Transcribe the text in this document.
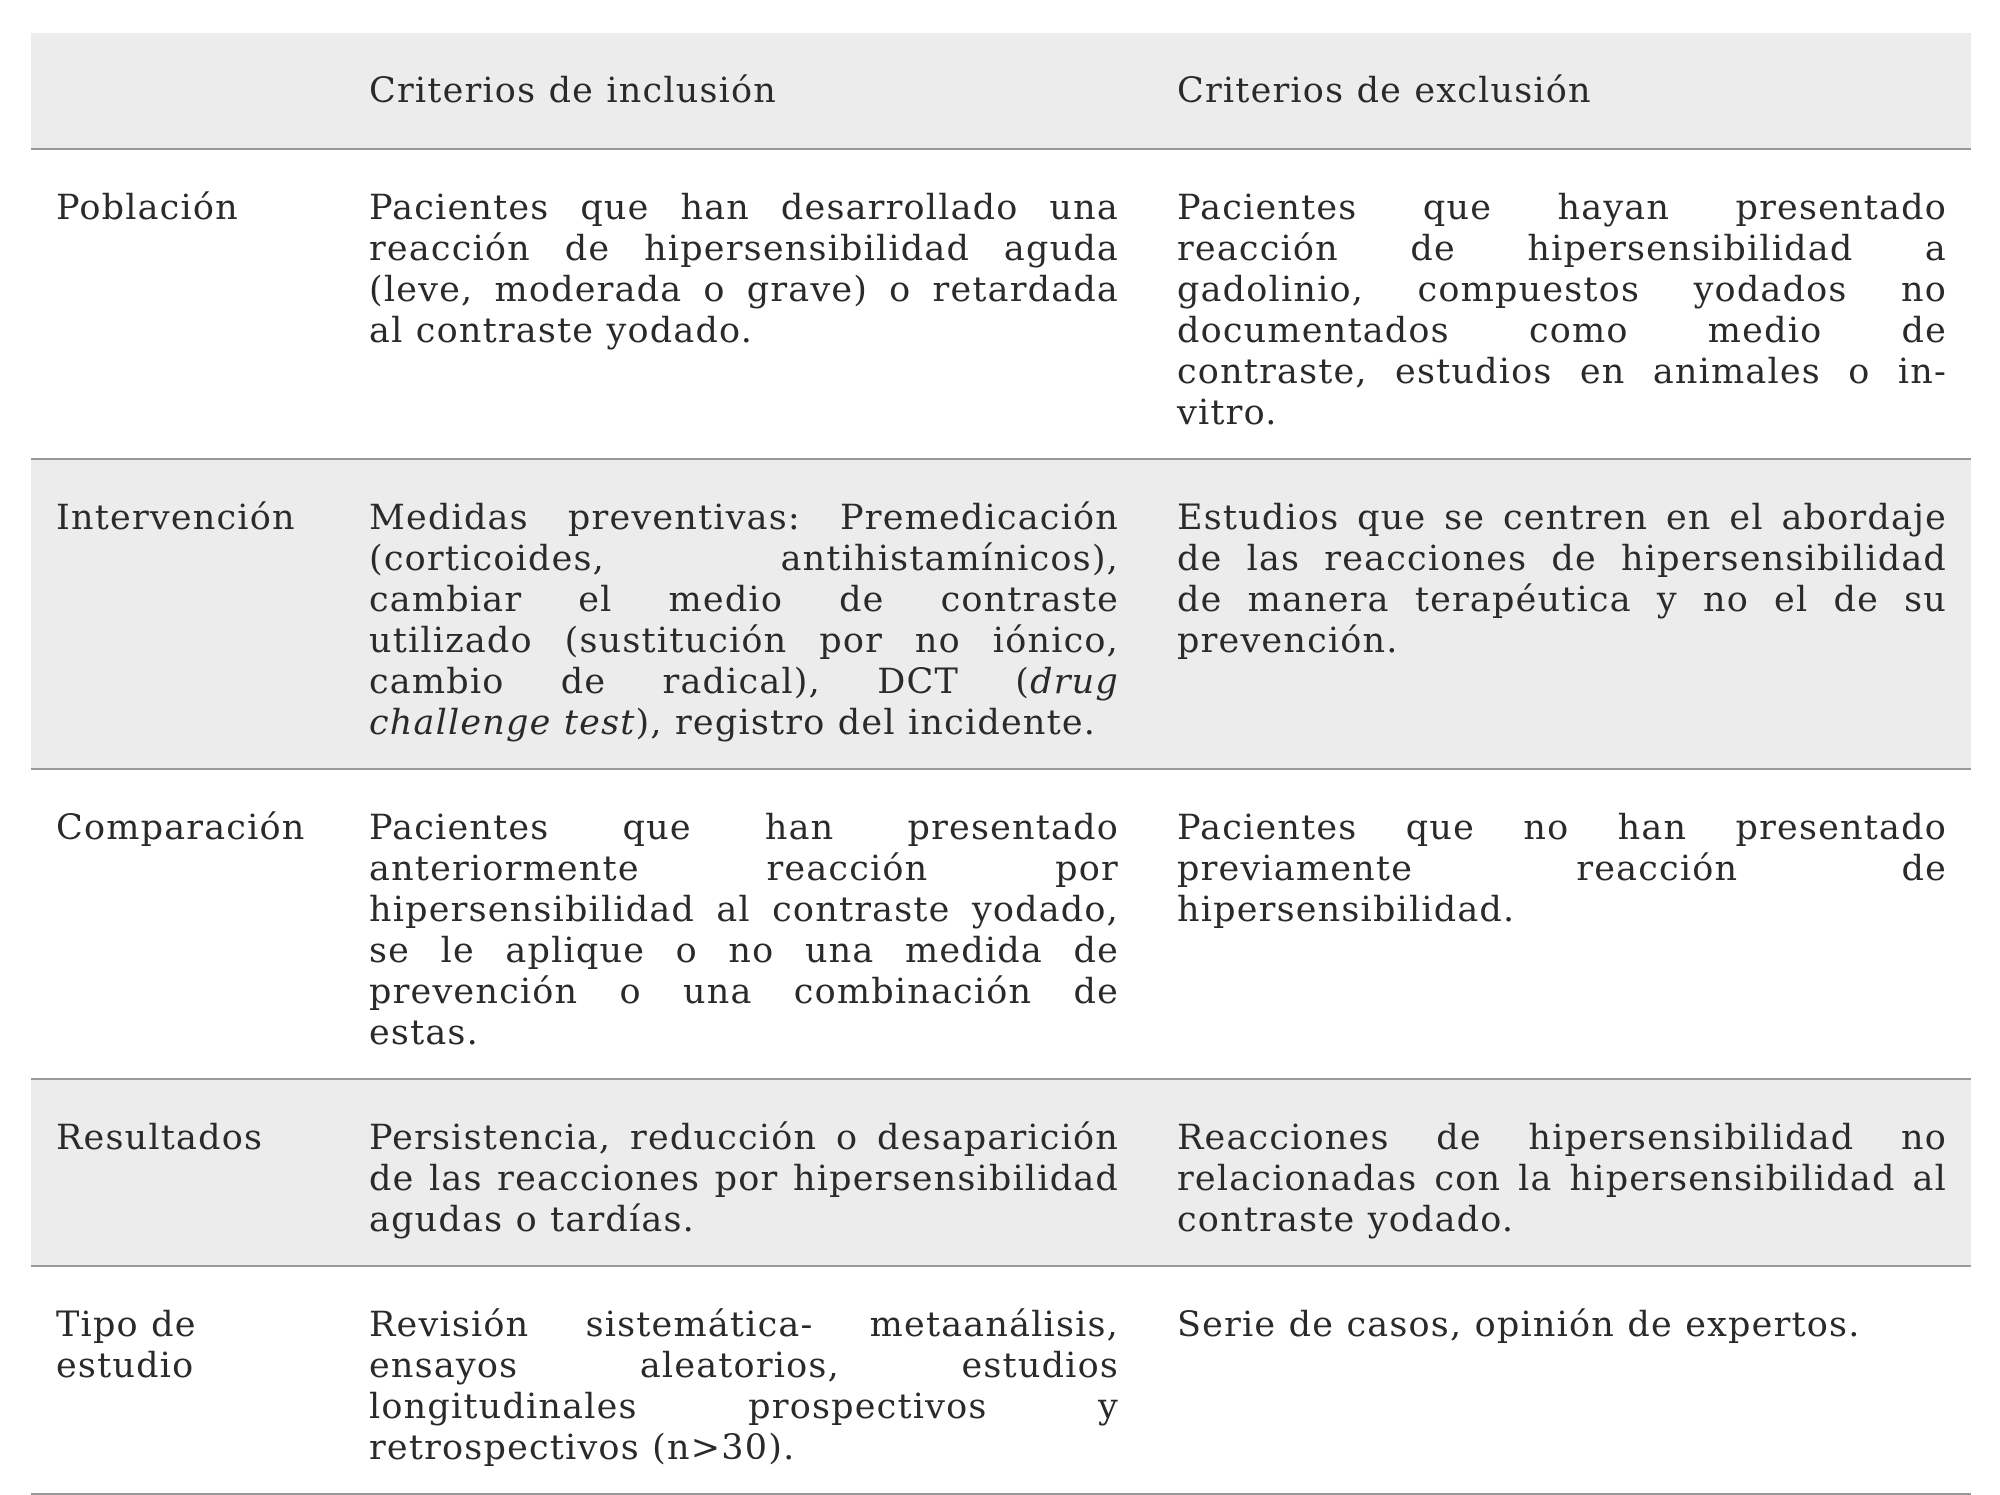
	Criterios de inclusión	Criterios de exclusión
Población	Pacientes que han desarrollado una reacción de hipersensibilidad aguda (leve, moderada o grave) o retardada al contraste yodado.	Pacientes que hayan presentado reacción de hipersensibilidad a gadolinio, compuestos yodados no documentados como medio de contraste, estudios en animales o in-vitro.
Intervención	Medidas preventivas: Premedicación (corticoides, antihistamínicos), cambiar el medio de contraste utilizado (sustitución por no iónico, cambio de radical), DCT (drug challenge test), registro del incidente.	Estudios que se centren en el abordaje de las reacciones de hipersensibilidad de manera terapéutica y no el de su prevención.
Comparación	Pacientes que han presentado anteriormente reacción por hipersensibilidad al contraste yodado, se le aplique o no una medida de prevención o una combinación de estas.	Pacientes que no han presentado previamente reacción de hipersensibilidad.
Resultados	Persistencia, reducción o desaparición de las reacciones por hipersensibilidad agudas o tardías.	Reacciones de hipersensibilidad no relacionadas con la hipersensibilidad al contraste yodado.
Tipo de estudio	Revisión sistemática- metaanálisis, ensayos aleatorios, estudios longitudinales prospectivos y retrospectivos (n>30).	Serie de casos, opinión de expertos.
